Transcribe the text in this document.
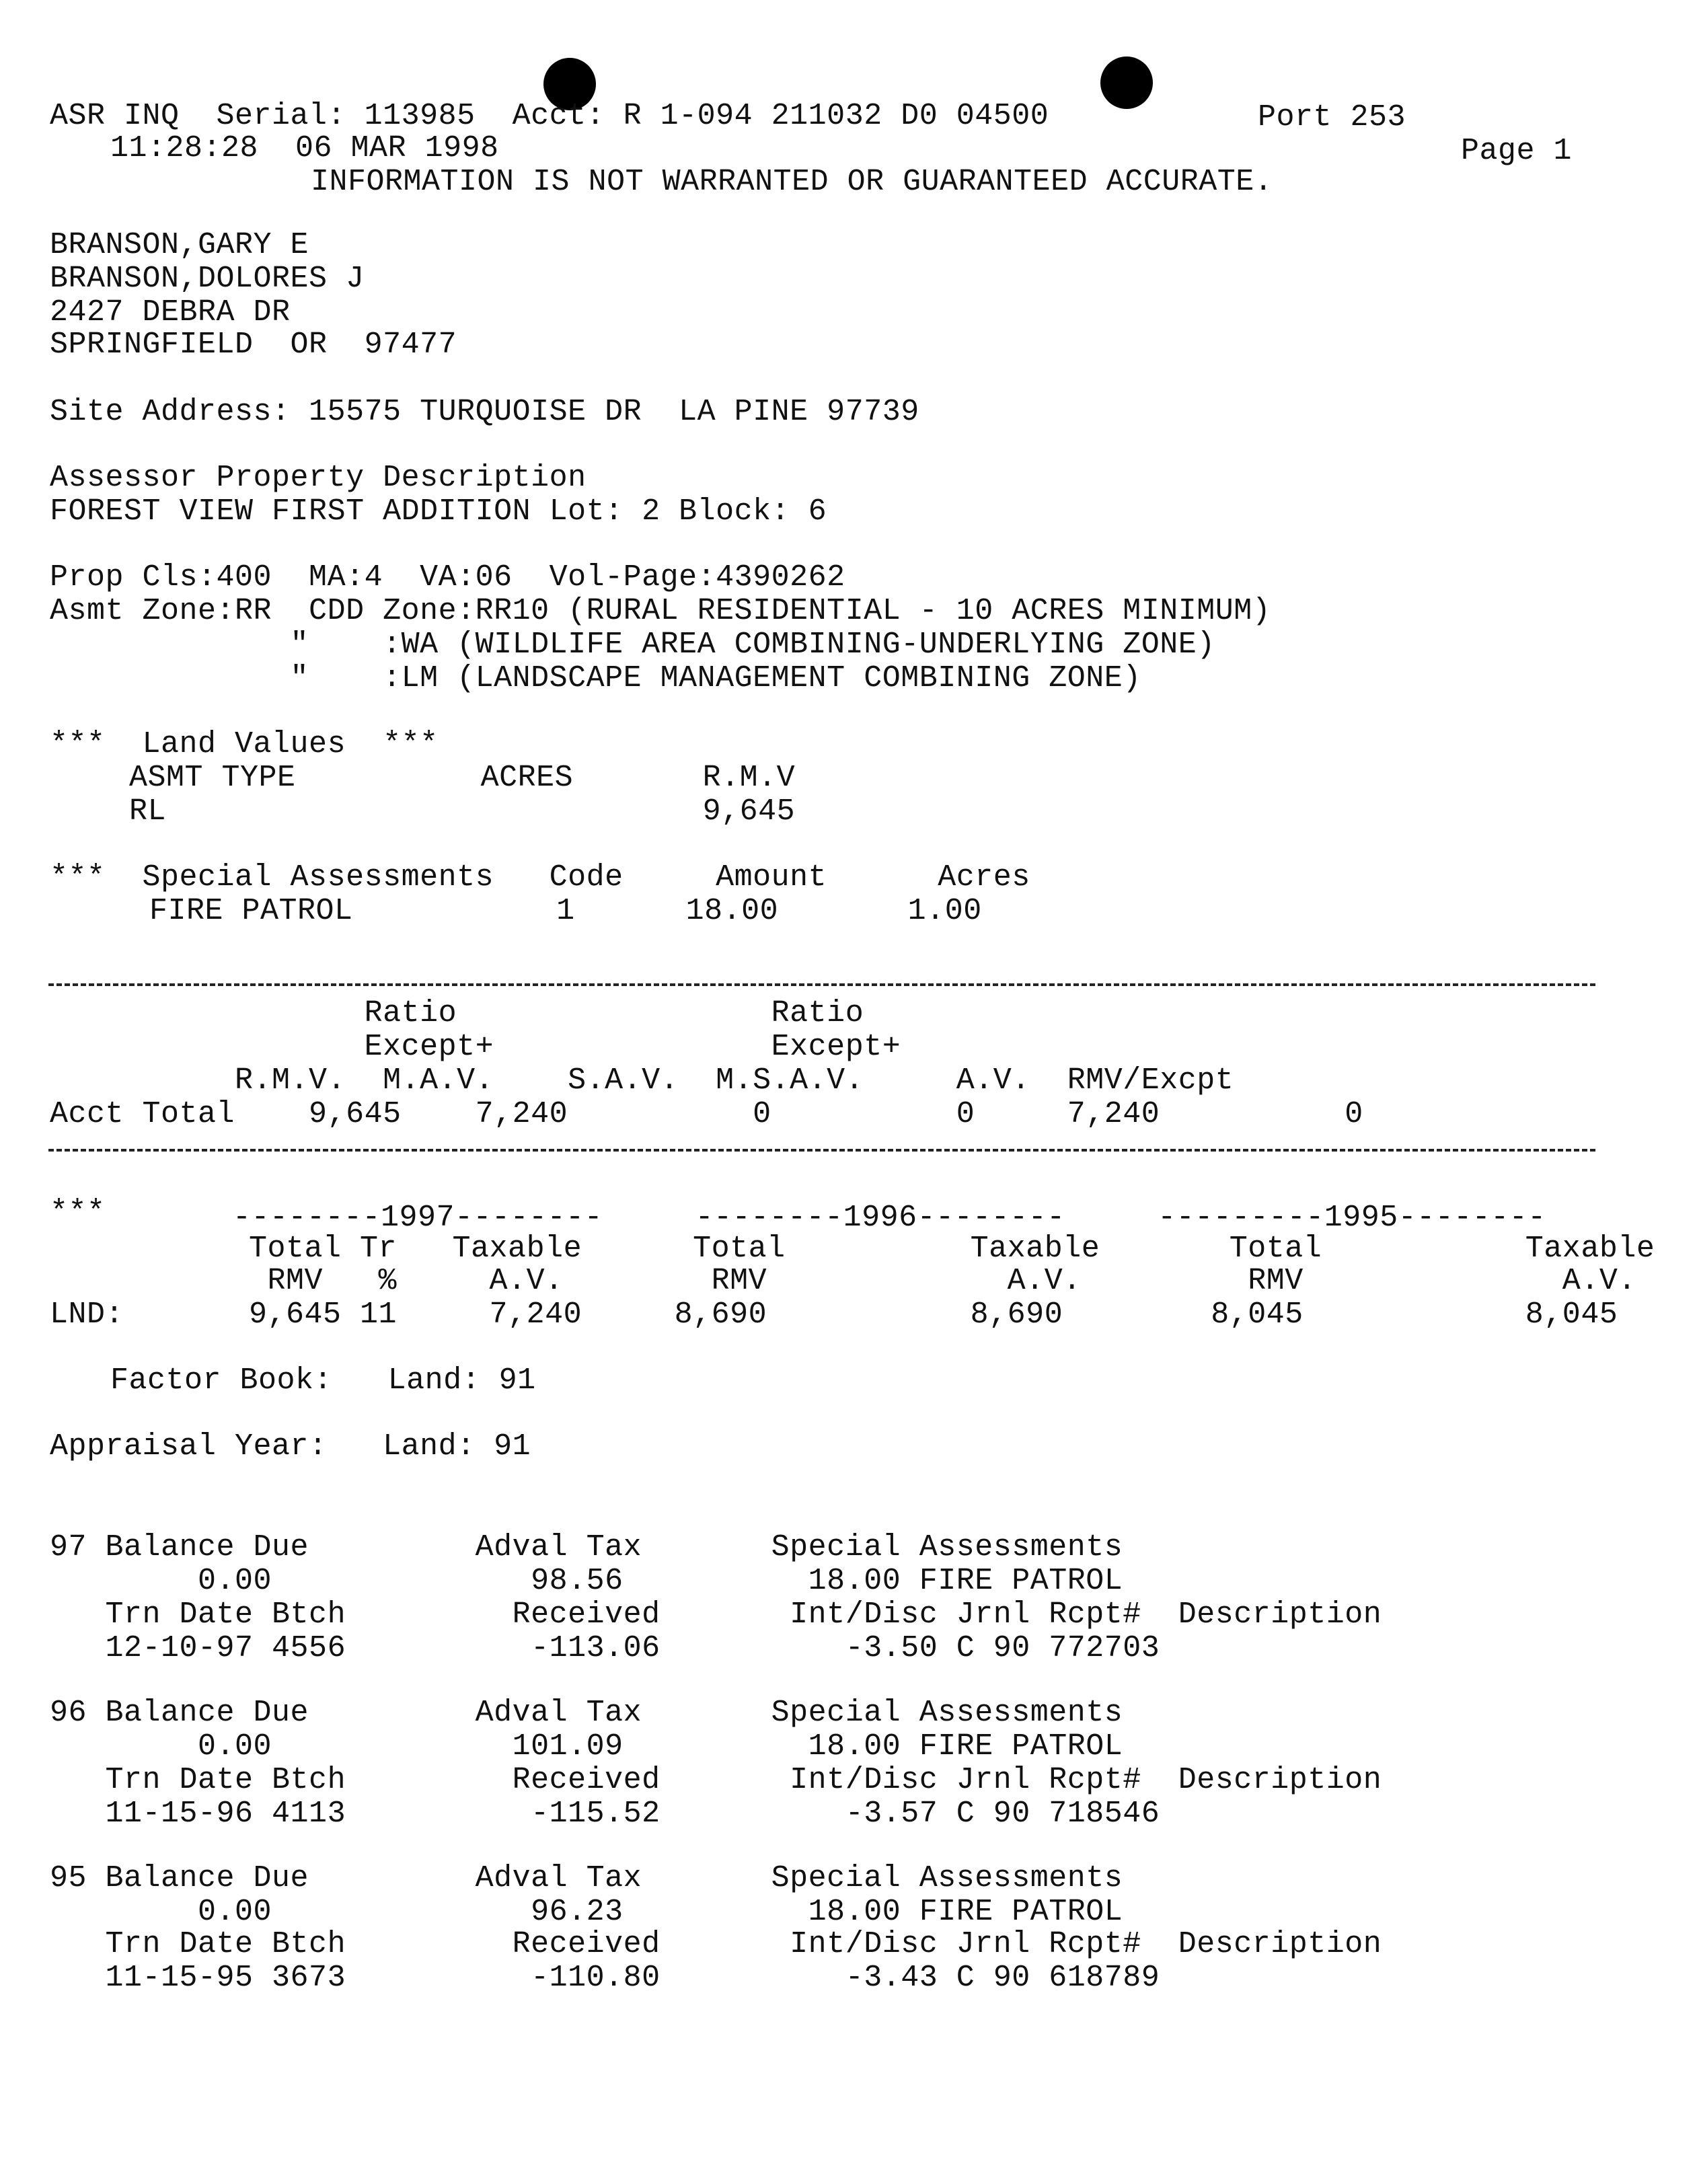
ASR INQ  Serial: 113985  Acct: R 1-094 211032 D0 04500	Port 253
11:28:28  06 MAR 1998	Page 1
INFORMATION IS NOT WARRANTED OR GUARANTEED ACCURATE.
BRANSON,GARY E
BRANSON,DOLORES J
2427 DEBRA DR
SPRINGFIELD  OR  97477
Site Address: 15575 TURQUOISE DR  LA PINE 97739
Assessor Property Description
FOREST VIEW FIRST ADDITION Lot: 2 Block: 6
Prop Cls:400  MA:4  VA:06  Vol-Page:4390262
Asmt Zone:RR  CDD Zone:RR10 (RURAL RESIDENTIAL - 10 ACRES MINIMUM)
"    :WA (WILDLIFE AREA COMBINING-UNDERLYING ZONE)
"    :LM (LANDSCAPE MANAGEMENT COMBINING ZONE)
***  Land Values  ***
ASMT TYPE          ACRES       R.M.V
RL                             9,645
***  Special Assessments   Code     Amount      Acres
FIRE PATROL           1      18.00       1.00
Ratio                 Ratio
Except+               Except+
R.M.V.  M.A.V.    S.A.V.  M.S.A.V.     A.V.  RMV/Excpt
Acct Total    9,645    7,240          0          0     7,240          0
***	--------1997--------     --------1996--------     ---------1995--------
Total Tr   Taxable      Total          Taxable       Total           Taxable
RMV   %     A.V.        RMV             A.V.         RMV              A.V.
LND:	9,645 11     7,240     8,690           8,690        8,045            8,045
Factor Book:   Land: 91
Appraisal Year:   Land: 91
97 Balance Due         Adval Tax       Special Assessments
0.00              98.56          18.00 FIRE PATROL
Trn Date Btch         Received       Int/Disc Jrnl Rcpt#  Description
12-10-97 4556          -113.06          -3.50 C 90 772703
96 Balance Due         Adval Tax       Special Assessments
0.00             101.09          18.00 FIRE PATROL
Trn Date Btch         Received       Int/Disc Jrnl Rcpt#  Description
11-15-96 4113          -115.52          -3.57 C 90 718546
95 Balance Due         Adval Tax       Special Assessments
0.00              96.23          18.00 FIRE PATROL
Trn Date Btch         Received       Int/Disc Jrnl Rcpt#  Description
11-15-95 3673          -110.80          -3.43 C 90 618789
